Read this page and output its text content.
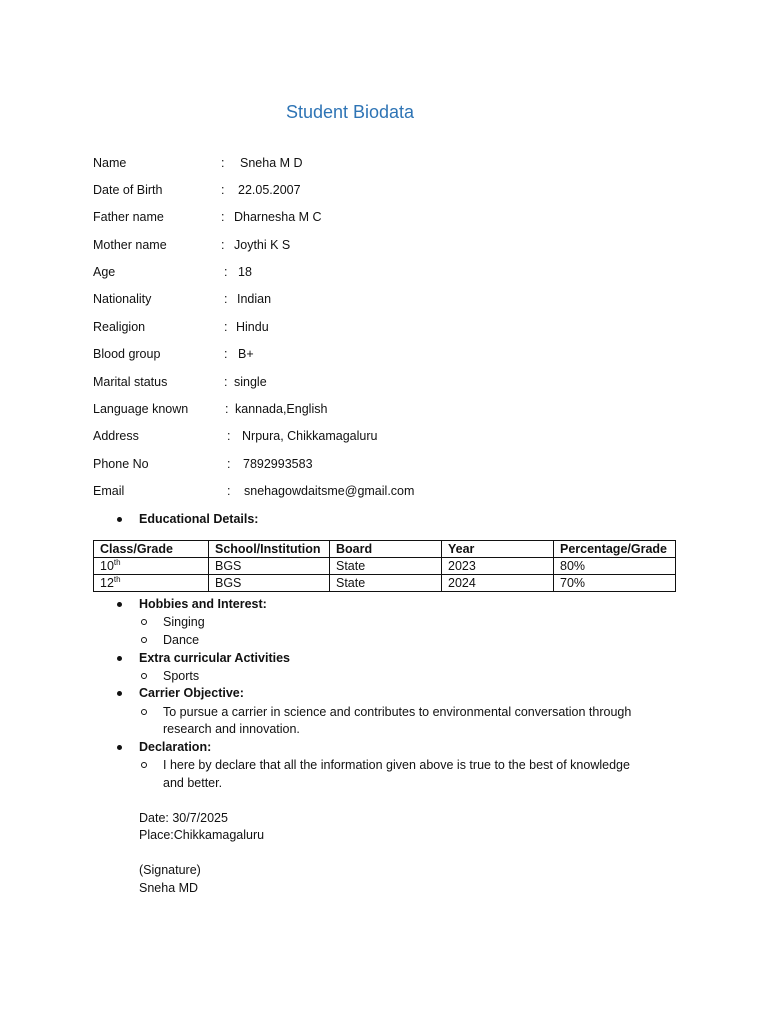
Student Biodata
Name	: Sneha M D
Date of Birth	: 22.05.2007
Father name	: Dharnesha M C
Mother name	: Joythi K S
Age	: 18
Nationality	: Indian
Realigion	: Hindu
Blood group	: B+
Marital status	: single
Language known	: kannada,English
Address	: Nrpura, Chikkamagaluru
Phone No	: 7892993583
Email	: snehagowdaitsme@gmail.com
Educational Details:
Class/Grade	School/Institution	Board	Year	Percentage/Grade
10th	BGS	State	2023	80%
12th	BGS	State	2024	70%
Hobbies and Interest:
Singing
Dance
Extra curricular Activities
Sports
Carrier Objective:
To pursue a carrier in science and contributes to environmental conversation through
research and innovation.
Declaration:
I here by declare that all the information given above is true to the best of knowledge
and better.
Date: 30/7/2025
Place:Chikkamagaluru
(Signature)
Sneha MD
